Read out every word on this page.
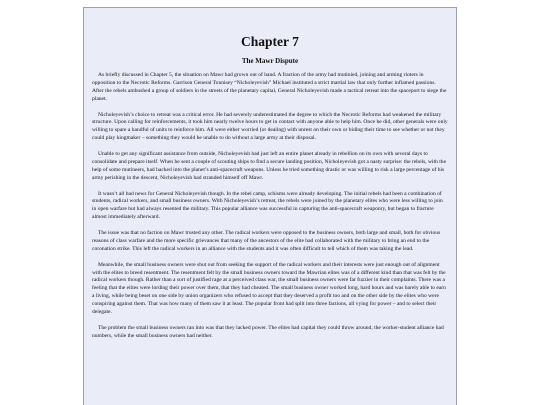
Chapter 7
The Mawr Dispute

As briefly discussed in Chapter 5, the situation on Mawr had grown out of hand. A fraction of the army had mutinied, joining and arming rioters in opposition to the Necrotic Reforms. Garrison General Tonnisey “Nicholeyevish” Michael instituted a strict martial law that only further inflamed passions. After the rebels ambushed a group of soldiers in the streets of the planetary capital, General Nicholeyevish made a tactical retreat into the spaceport to siege the planet.

Nicholeyevish’s choice to retreat was a critical error. He had severely underestimated the degree to which the Necrotic Reforms had weakened the military structure. Upon calling for reinforcements, it took him nearly twelve hours to get in contact with anyone able to help him. Once he did, other generals were only willing to spare a handful of units to reinforce him. All were either worried (or dealing) with unrest on their own or biding their time to see whether or not they could play kingmaker – something they would be unable to do without a large army at their disposal.

Unable to get any significant assistance from outside, Nicholeyevish had just left an entire planet already in rebellion on its own with several days to consolidate and prepare itself. When he sent a couple of scouting ships to find a secure landing position, Nicholeyevish got a nasty surprise: the rebels, with the help of some mutineers, had hacked into the planet’s anti-spacecraft weapons. Unless he tried something drastic or was willing to risk a large percentage of his army perishing in the descent, Nicholeyevish had stranded himself off Mawr.

It wasn’t all bad news for General Nicholeyevish though. In the rebel camp, schisms were already developing. The initial rebels had been a combination of students, radical workers, and small business owners. With Nicholeyevish’s retreat, the rebels were joined by the planetary elites who were less willing to join in open warfare but had always resented the military. This popular alliance was successful in capturing the anti-spacecraft weaponry, but began to fracture almost immediately afterward.

The issue was that no faction on Mawr trusted any other. The radical workers were opposed to the business owners, both large and small, both for obvious reasons of class warfare and the more specific grievances that many of the ancestors of the elite had collaborated with the military to bring an end to the coronation strike. This left the radical workers in an alliance with the students and it was often difficult to tell which of them was taking the lead.

Meanwhile, the small business owners were shut out from seeking the support of the radical workers and their interests were just enough out of alignment with the elites to breed resentment. The resentment felt by the small business owners toward the Mawrian elites was of a different kind than that was felt by the radical workers though. Rather than a sort of justified rage at a perceived class war, the small business owners were far fuzzier in their complaints. There was a feeling that the elites were lording their power over them, that they had cheated. The small business owner worked long, hard hours and was barely able to earn a living, while being beset on one side by union organizers who refused to accept that they deserved a profit too and on the other side by the elites who were conspiring against them. That was how many of them saw it at least. The popular front had split into three factions, all vying for power – and to select their delegate.

The problem the small business owners ran into was that they lacked power. The elites had capital they could throw around, the worker-student alliance had numbers, while the small business owners had neither.
